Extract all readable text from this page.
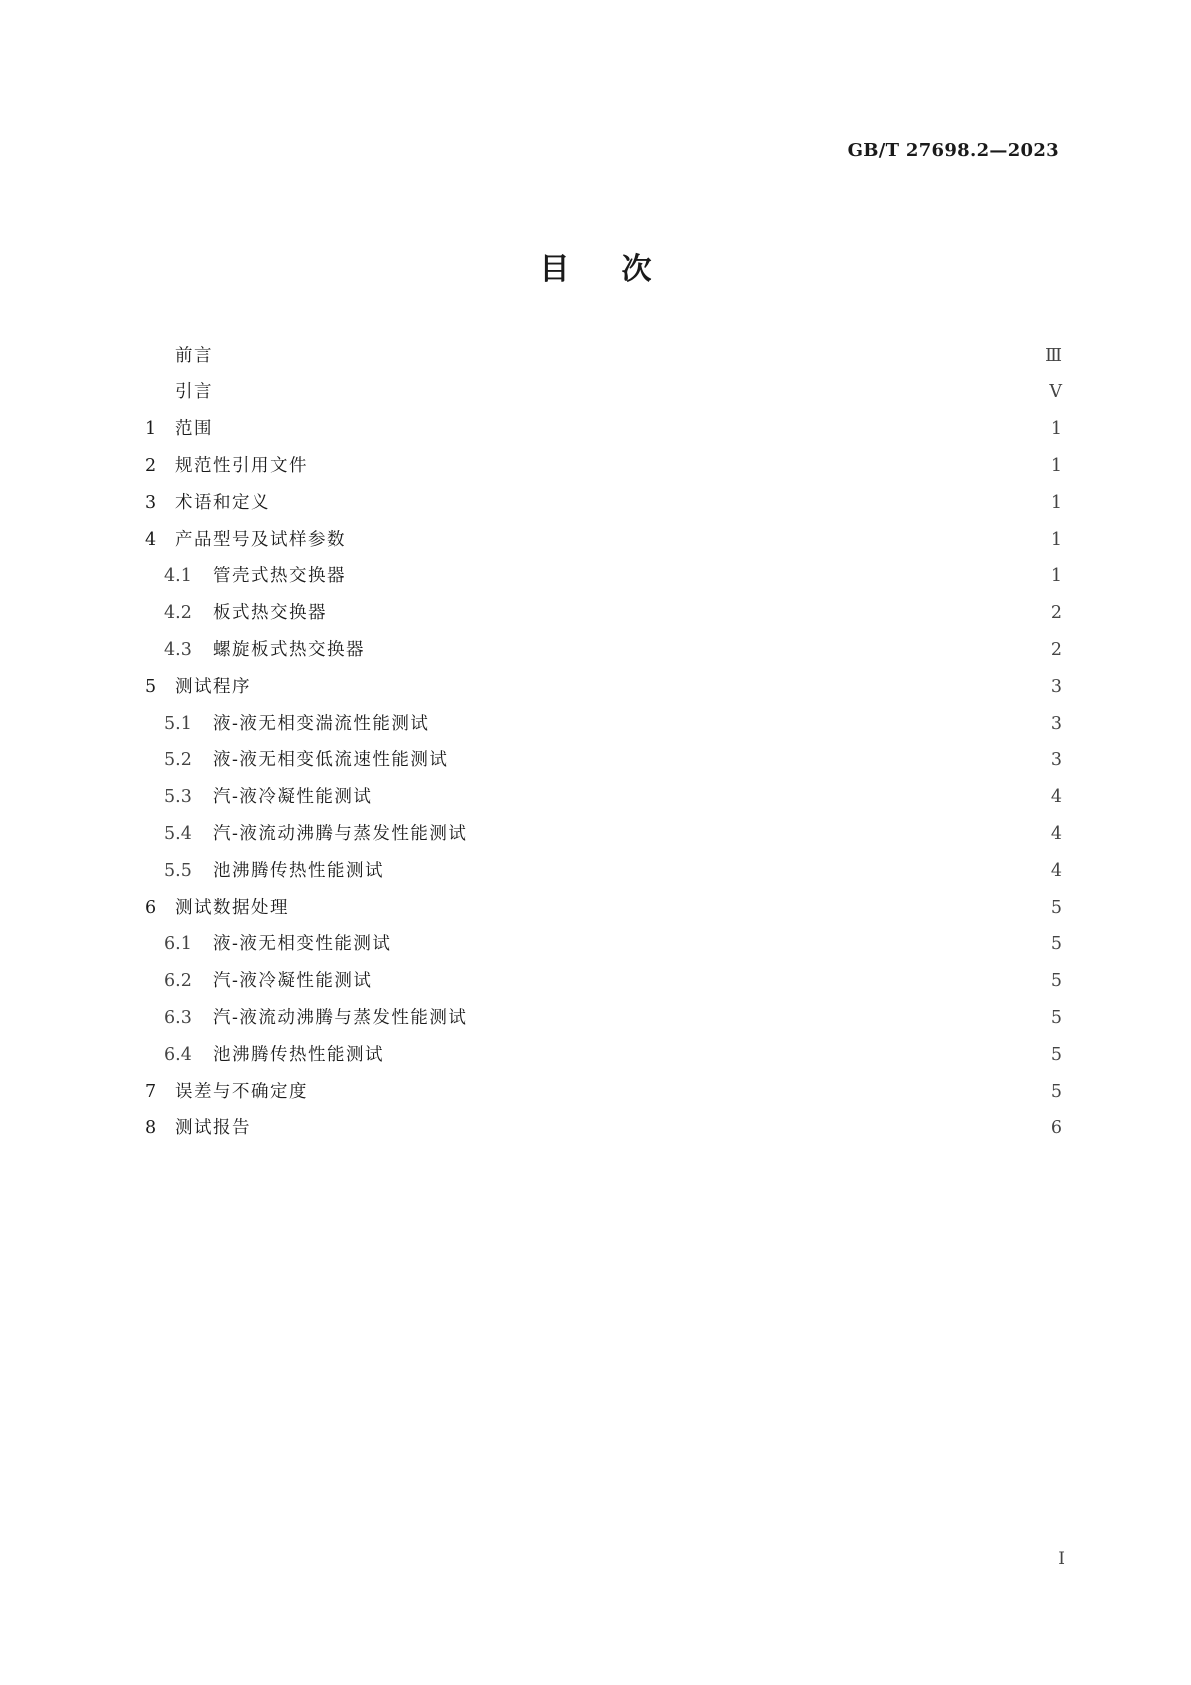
GB/T 27698.2—2023

目次
前言	Ⅲ
引言	Ⅴ
1	范围	1
2	规范性引用文件	1
3	术语和定义	1
4	产品型号及试样参数	1
4.1	管壳式热交换器	1
4.2	板式热交换器	2
4.3	螺旋板式热交换器	2
5	测试程序	3
5.1	液-液无相变湍流性能测试	3
5.2	液-液无相变低流速性能测试	3
5.3	汽-液冷凝性能测试	4
5.4	汽-液流动沸腾与蒸发性能测试	4
5.5	池沸腾传热性能测试	4
6	测试数据处理	5
6.1	液-液无相变性能测试	5
6.2	汽-液冷凝性能测试	5
6.3	汽-液流动沸腾与蒸发性能测试	5
6.4	池沸腾传热性能测试	5
7	误差与不确定度	5
8	测试报告	6

Ⅰ
